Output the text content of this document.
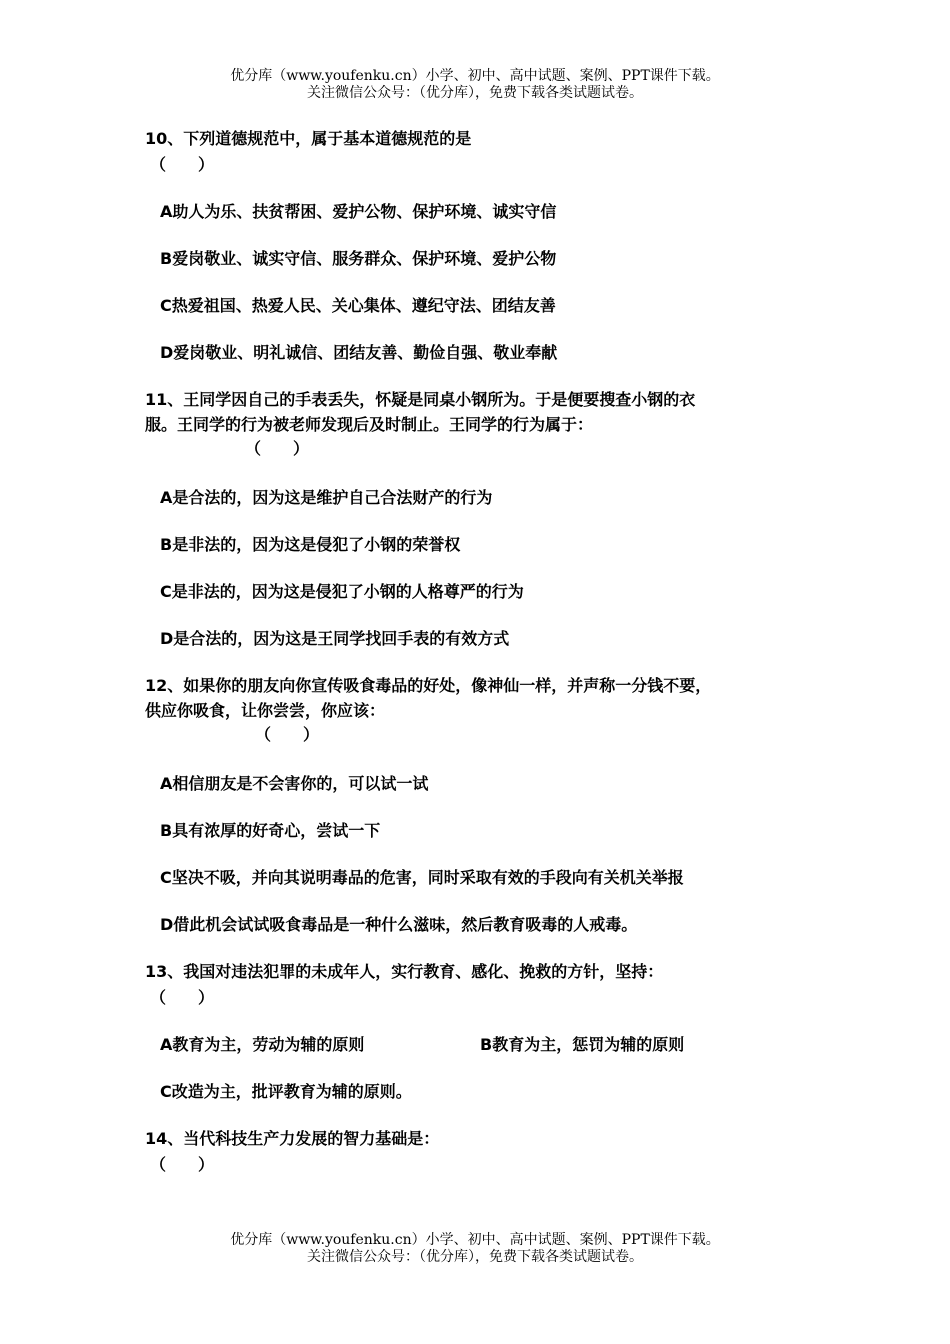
优分库（www.youfenku.cn）小学、初中、高中试题、案例、PPT课件下载。
关注微信公众号：（优分库），免费下载各类试题试卷。
10、下列道德规范中，属于基本道德规范的是
（　　）
A助人为乐、扶贫帮困、爱护公物、保护环境、诚实守信
B爱岗敬业、诚实守信、服务群众、保护环境、爱护公物
C热爱祖国、热爱人民、关心集体、遵纪守法、团结友善
D爱岗敬业、明礼诚信、团结友善、勤俭自强、敬业奉献
11、王同学因自己的手表丢失，怀疑是同桌小钢所为。于是便要搜查小钢的衣
服。王同学的行为被老师发现后及时制止。王同学的行为属于：
（　　）
A是合法的，因为这是维护自己合法财产的行为
B是非法的，因为这是侵犯了小钢的荣誉权
C是非法的，因为这是侵犯了小钢的人格尊严的行为
D是合法的，因为这是王同学找回手表的有效方式
12、如果你的朋友向你宣传吸食毒品的好处，像神仙一样，并声称一分钱不要，
供应你吸食，让你尝尝，你应该：
（　　）
A相信朋友是不会害你的，可以试一试
B具有浓厚的好奇心，尝试一下
C坚决不吸，并向其说明毒品的危害，同时采取有效的手段向有关机关举报
D借此机会试试吸食毒品是一种什么滋味，然后教育吸毒的人戒毒。
13、我国对违法犯罪的未成年人，实行教育、感化、挽救的方针，坚持：
（　　）
A教育为主，劳动为辅的原则	B教育为主，惩罚为辅的原则
C改造为主，批评教育为辅的原则。
14、当代科技生产力发展的智力基础是：
（　　）
优分库（www.youfenku.cn）小学、初中、高中试题、案例、PPT课件下载。
关注微信公众号：（优分库），免费下载各类试题试卷。
